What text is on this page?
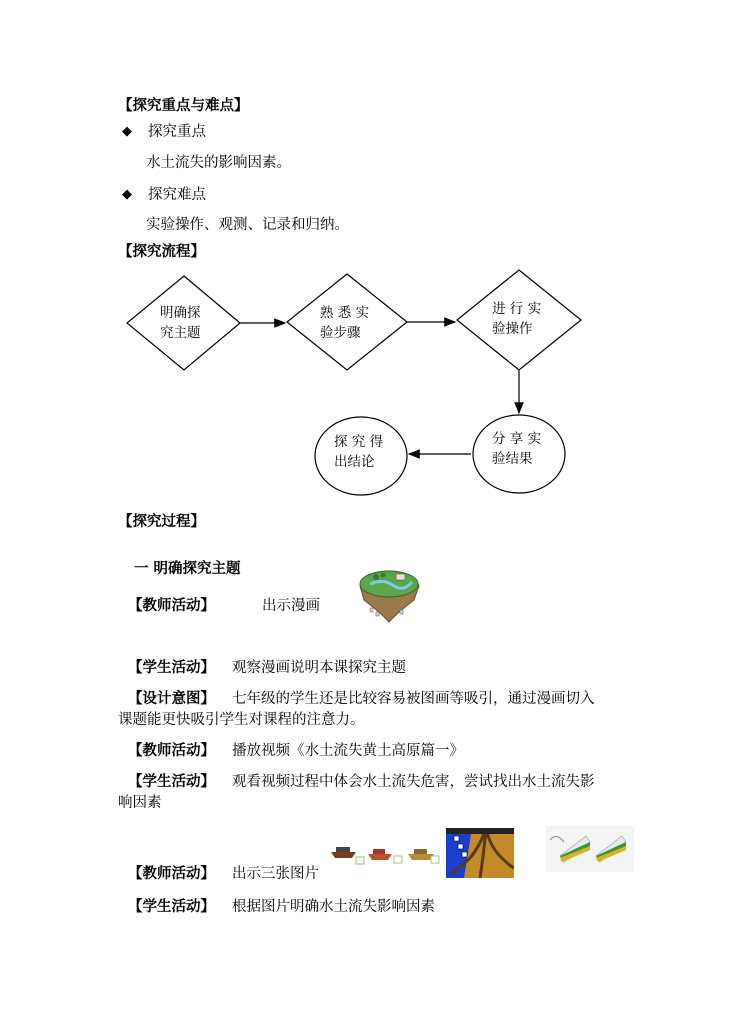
【探究重点与难点】
◆ 探究重点
水土流失的影响因素。
◆ 探究难点
实验操作、观测、记录和归纳。
【探究流程】
明确探
究主题
熟 悉 实
验步骤
进 行 实
验操作
分 享 实
验结果
探 究 得
出结论
【探究过程】
一 明确探究主题
【教师活动】	出示漫画
【学生活动】 观察漫画说明本课探究主题
【设计意图】 七年级的学生还是比较容易被图画等吸引，通过漫画切入
课题能更快吸引学生对课程的注意力。
【教师活动】 播放视频《水土流失黄土高原篇一》
【学生活动】 观看视频过程中体会水土流失危害，尝试找出水土流失影
响因素
【教师活动】 出示三张图片
【学生活动】 根据图片明确水土流失影响因素
